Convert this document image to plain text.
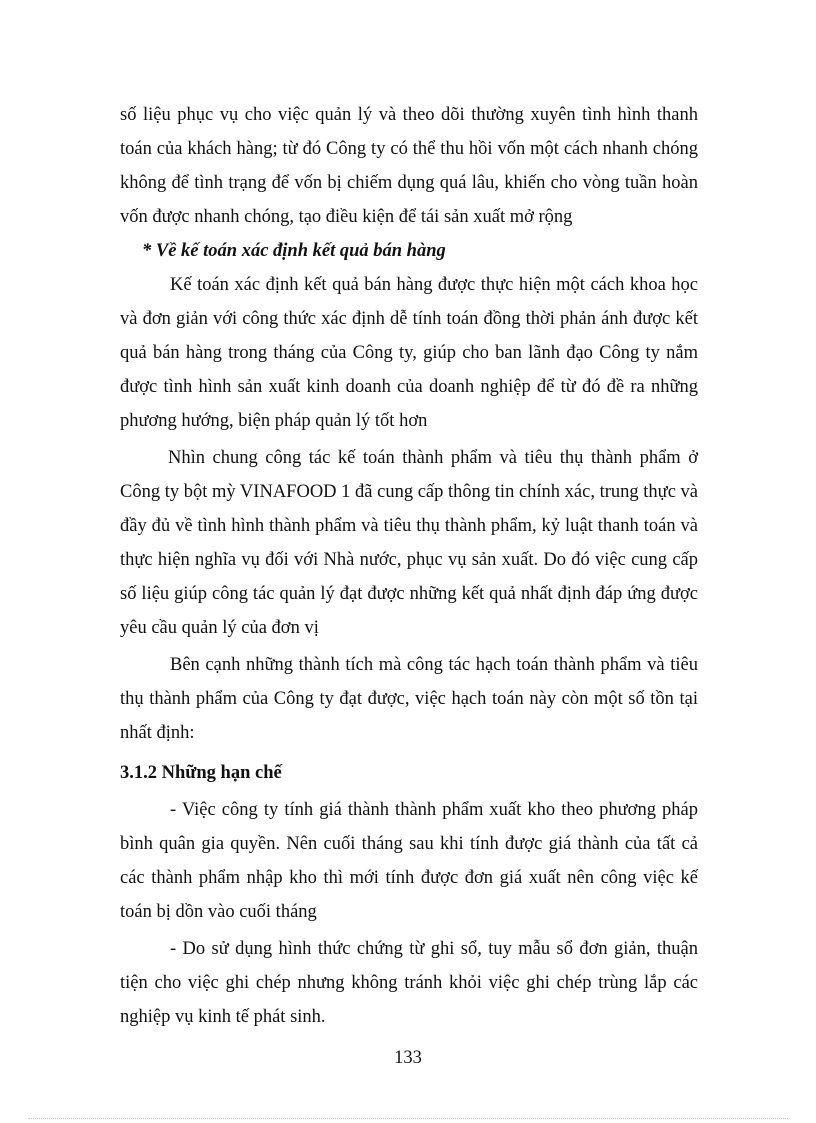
số liệu phục vụ cho việc quản lý và theo dõi thường xuyên tình hình thanh toán của khách hàng; từ đó Công ty có thể thu hồi vốn một cách nhanh chóng không để tình trạng để vốn bị chiếm dụng quá lâu, khiến cho vòng tuần hoàn vốn được nhanh chóng, tạo điều kiện để tái sản xuất mở rộng

* Về kế toán xác định kết quả bán hàng

Kế toán xác định kết quả bán hàng được thực hiện một cách khoa học và đơn giản với công thức xác định dễ tính toán đồng thời phản ánh được kết quả bán hàng trong tháng của Công ty, giúp cho ban lãnh đạo Công ty nắm được tình hình sản xuất kinh doanh của doanh nghiệp để từ đó đề ra những phương hướng, biện pháp quản lý tốt hơn

Nhìn chung công tác kế toán thành phẩm và tiêu thụ thành phẩm ở Công ty bột mỳ VINAFOOD 1 đã cung cấp thông tin chính xác, trung thực và đầy đủ về tình hình thành phẩm và tiêu thụ thành phẩm, kỷ luật thanh toán và thực hiện nghĩa vụ đối với Nhà nước, phục vụ sản xuất. Do đó việc cung cấp số liệu giúp công tác quản lý đạt được những kết quả nhất định đáp ứng được yêu cầu quản lý của đơn vị

Bên cạnh những thành tích mà công tác hạch toán thành phẩm và tiêu thụ thành phẩm của Công ty đạt được, việc hạch toán này còn một số tồn tại nhất định:

3.1.2 Những hạn chế

- Việc công ty tính giá thành thành phẩm xuất kho theo phương pháp bình quân gia quyền. Nên cuối tháng sau khi tính được giá thành của tất cả các thành phẩm nhập kho thì mới tính được đơn giá xuất nên công việc kế toán bị dồn vào cuối tháng

- Do sử dụng hình thức chứng từ ghi sổ, tuy mẫu sổ đơn giản, thuận tiện cho việc ghi chép nhưng không tránh khỏi việc ghi chép trùng lắp các nghiệp vụ kinh tế phát sinh.

133
